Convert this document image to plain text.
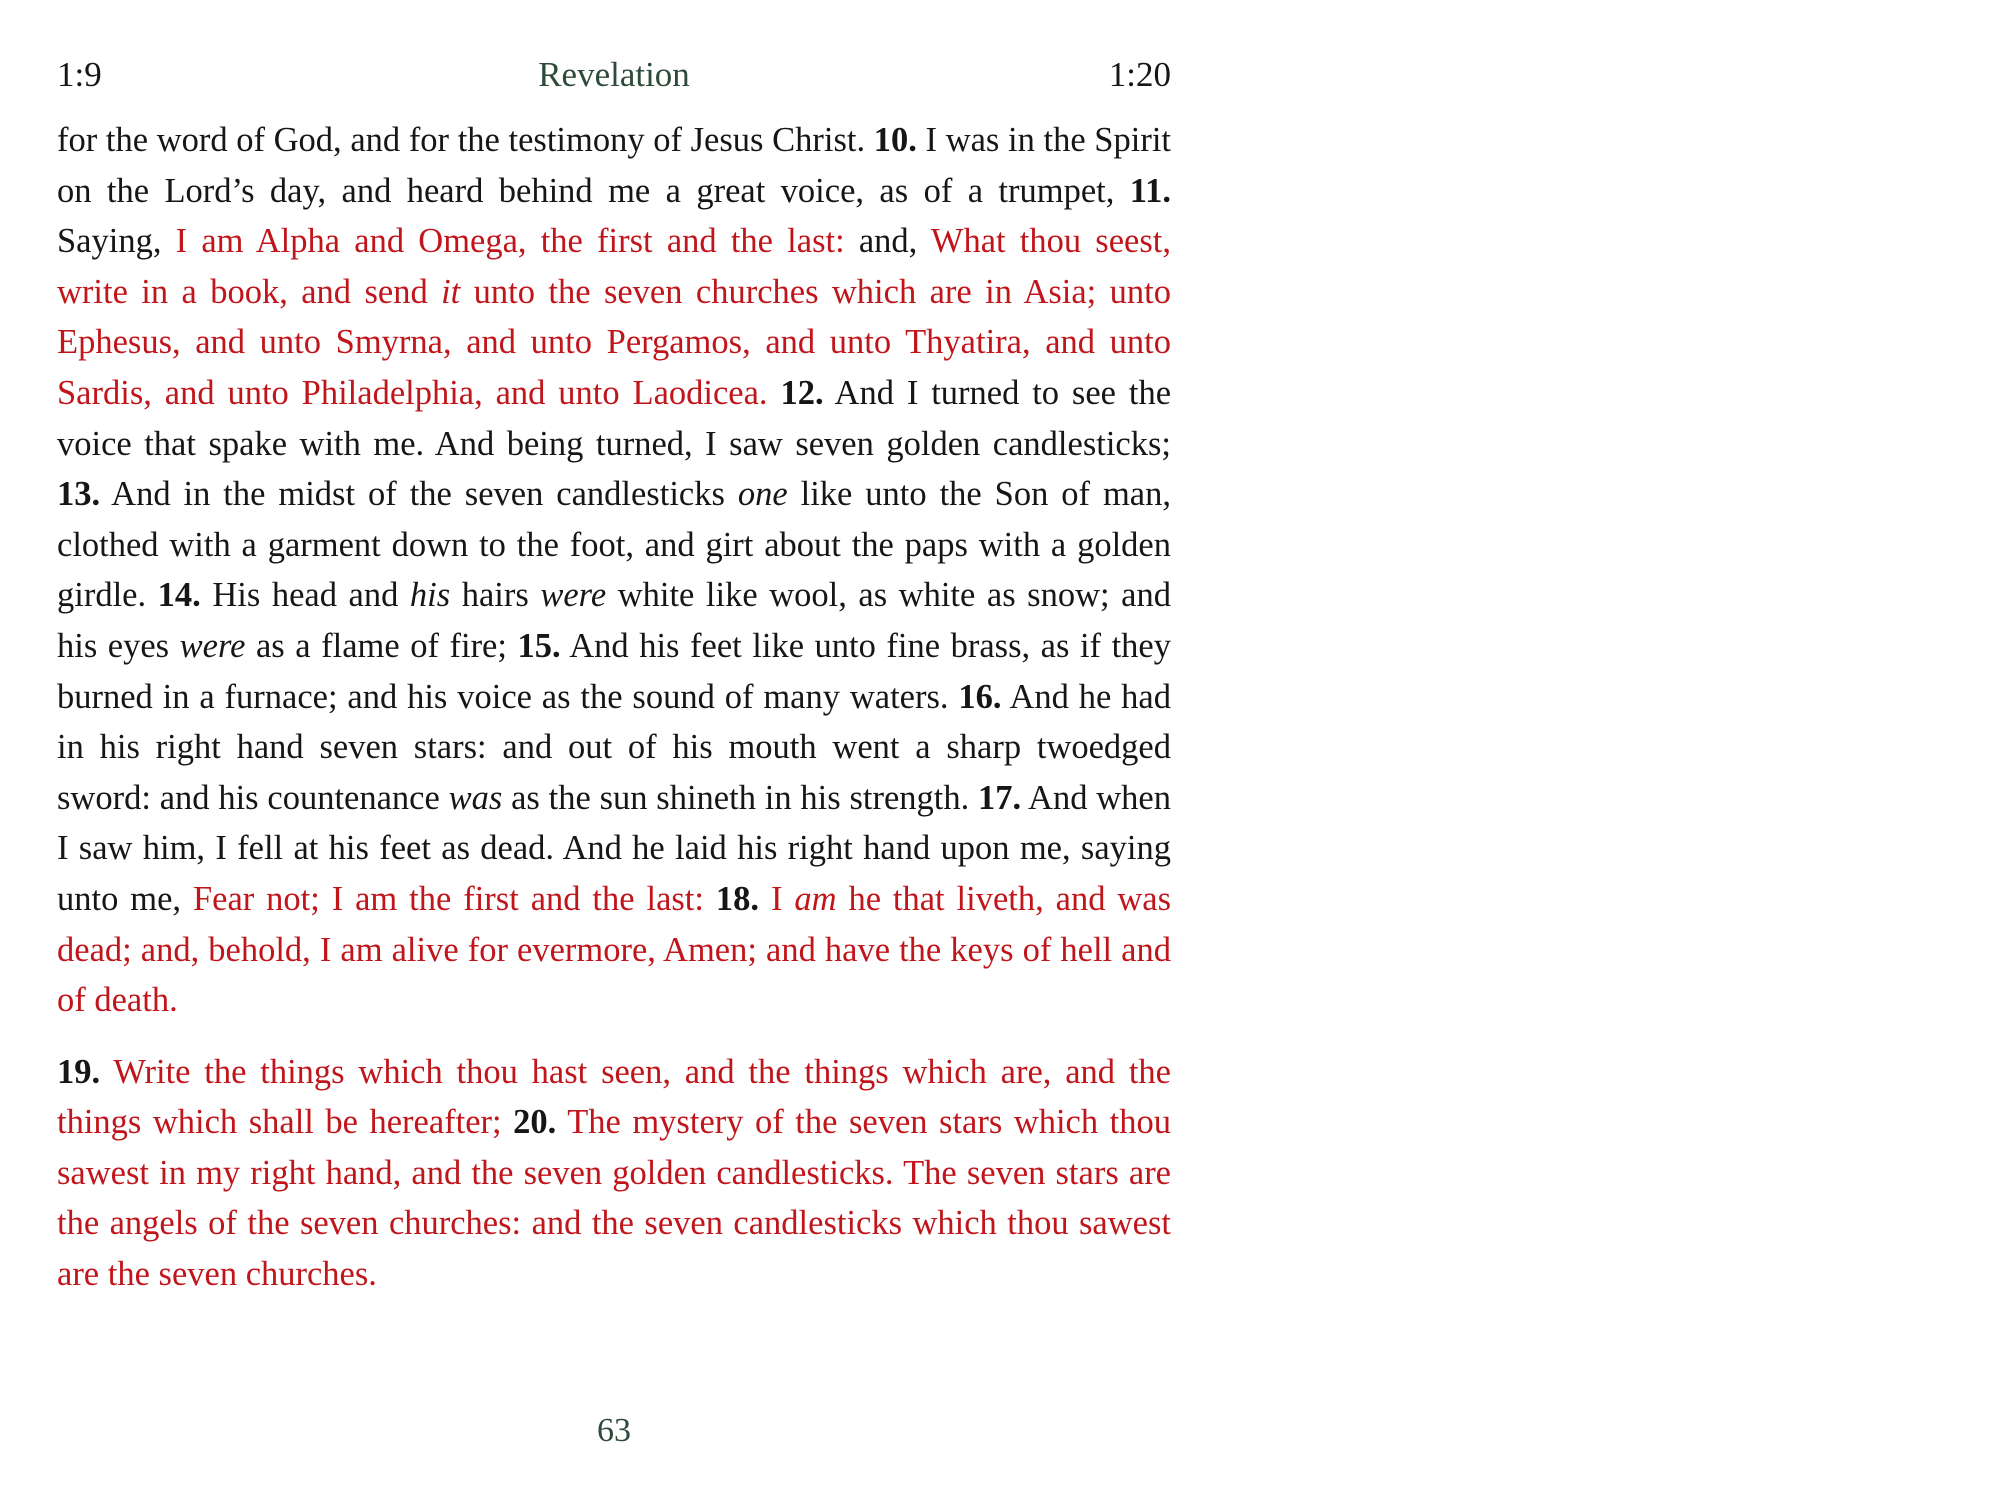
1:9	Revelation	1:20

for the word of God, and for the testimony of Jesus Christ. 10. I was in the Spirit on the Lord’s day, and heard behind me a great voice, as of a trumpet, 11. Saying, I am Alpha and Omega, the first and the last: and, What thou seest, write in a book, and send it unto the seven churches which are in Asia; unto Ephesus, and unto Smyrna, and unto Pergamos, and unto Thyatira, and unto Sardis, and unto Philadelphia, and unto Laodicea. 12. And I turned to see the voice that spake with me. And being turned, I saw seven golden candlesticks; 13. And in the midst of the seven candlesticks one like unto the Son of man, clothed with a garment down to the foot, and girt about the paps with a golden girdle. 14. His head and his hairs were white like wool, as white as snow; and his eyes were as a flame of fire; 15. And his feet like unto fine brass, as if they burned in a furnace; and his voice as the sound of many waters. 16. And he had in his right hand seven stars: and out of his mouth went a sharp twoedged sword: and his countenance was as the sun shineth in his strength. 17. And when I saw him, I fell at his feet as dead. And he laid his right hand upon me, saying unto me, Fear not; I am the first and the last: 18. I am he that liveth, and was dead; and, behold, I am alive for evermore, Amen; and have the keys of hell and of death.

19. Write the things which thou hast seen, and the things which are, and the things which shall be hereafter; 20. The mystery of the seven stars which thou sawest in my right hand, and the seven golden candlesticks. The seven stars are the angels of the seven churches: and the seven candlesticks which thou sawest are the seven churches.

63
